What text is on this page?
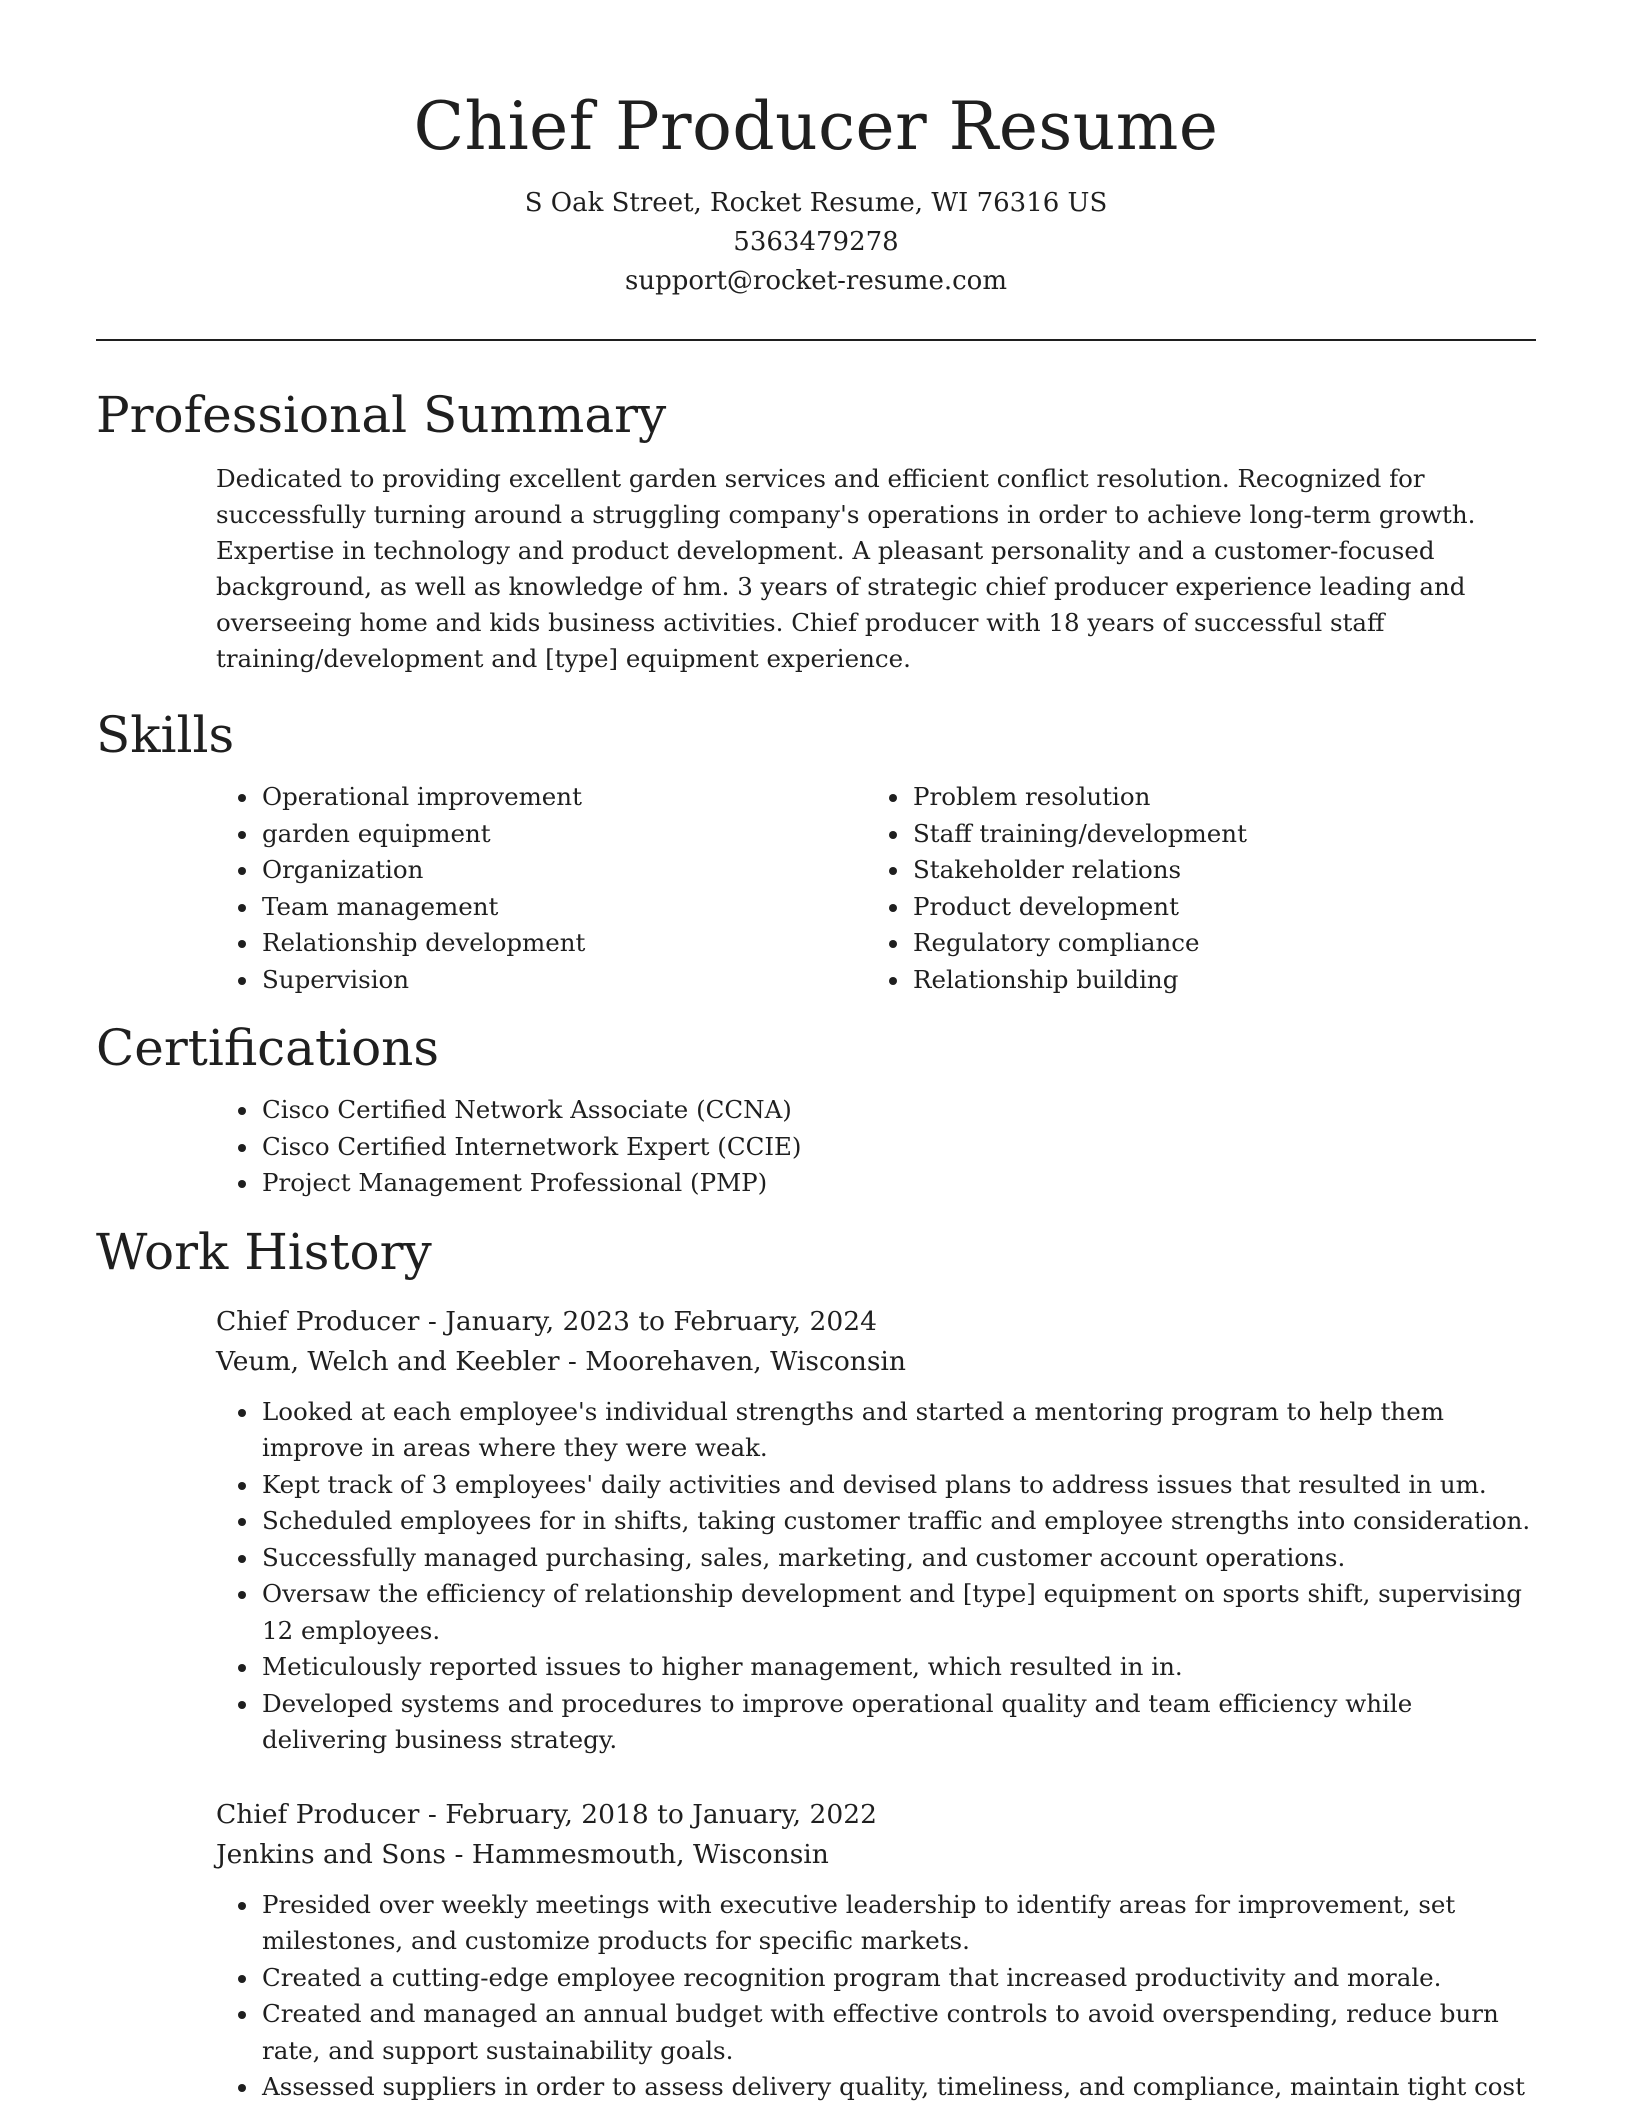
Chief Producer Resume
S Oak Street, Rocket Resume, WI 76316 US
5363479278
support@rocket-resume.com
Professional Summary

Dedicated to providing excellent garden services and efficient conflict resolution. Recognized for successfully turning around a struggling company's operations in order to achieve long-term growth. Expertise in technology and product development. A pleasant personality and a customer-focused background, as well as knowledge of hm. 3 years of strategic chief producer experience leading and overseeing home and kids business activities. Chief producer with 18 years of successful staff training/development and [type] equipment experience.

Skills
• Operational improvement
• garden equipment
• Organization
• Team management
• Relationship development
• Supervision
• Problem resolution
• Staff training/development
• Stakeholder relations
• Product development
• Regulatory compliance
• Relationship building
Certifications
• Cisco Certified Network Associate (CCNA)
• Cisco Certified Internetwork Expert (CCIE)
• Project Management Professional (PMP)
Work History
Chief Producer - January, 2023 to February, 2024
Veum, Welch and Keebler - Moorehaven, Wisconsin
• Looked at each employee's individual strengths and started a mentoring program to help them improve in areas where they were weak.
• Kept track of 3 employees' daily activities and devised plans to address issues that resulted in um.
• Scheduled employees for in shifts, taking customer traffic and employee strengths into consideration.
• Successfully managed purchasing, sales, marketing, and customer account operations.
• Oversaw the efficiency of relationship development and [type] equipment on sports shift, supervising 12 employees.
• Meticulously reported issues to higher management, which resulted in in.
• Developed systems and procedures to improve operational quality and team efficiency while delivering business strategy.
Chief Producer - February, 2018 to January, 2022
Jenkins and Sons - Hammesmouth, Wisconsin
• Presided over weekly meetings with executive leadership to identify areas for improvement, set milestones, and customize products for specific markets.
• Created a cutting-edge employee recognition program that increased productivity and morale.
• Created and managed an annual budget with effective controls to avoid overspending, reduce burn rate, and support sustainability goals.
• Assessed suppliers in order to assess delivery quality, timeliness, and compliance, maintain tight cost
